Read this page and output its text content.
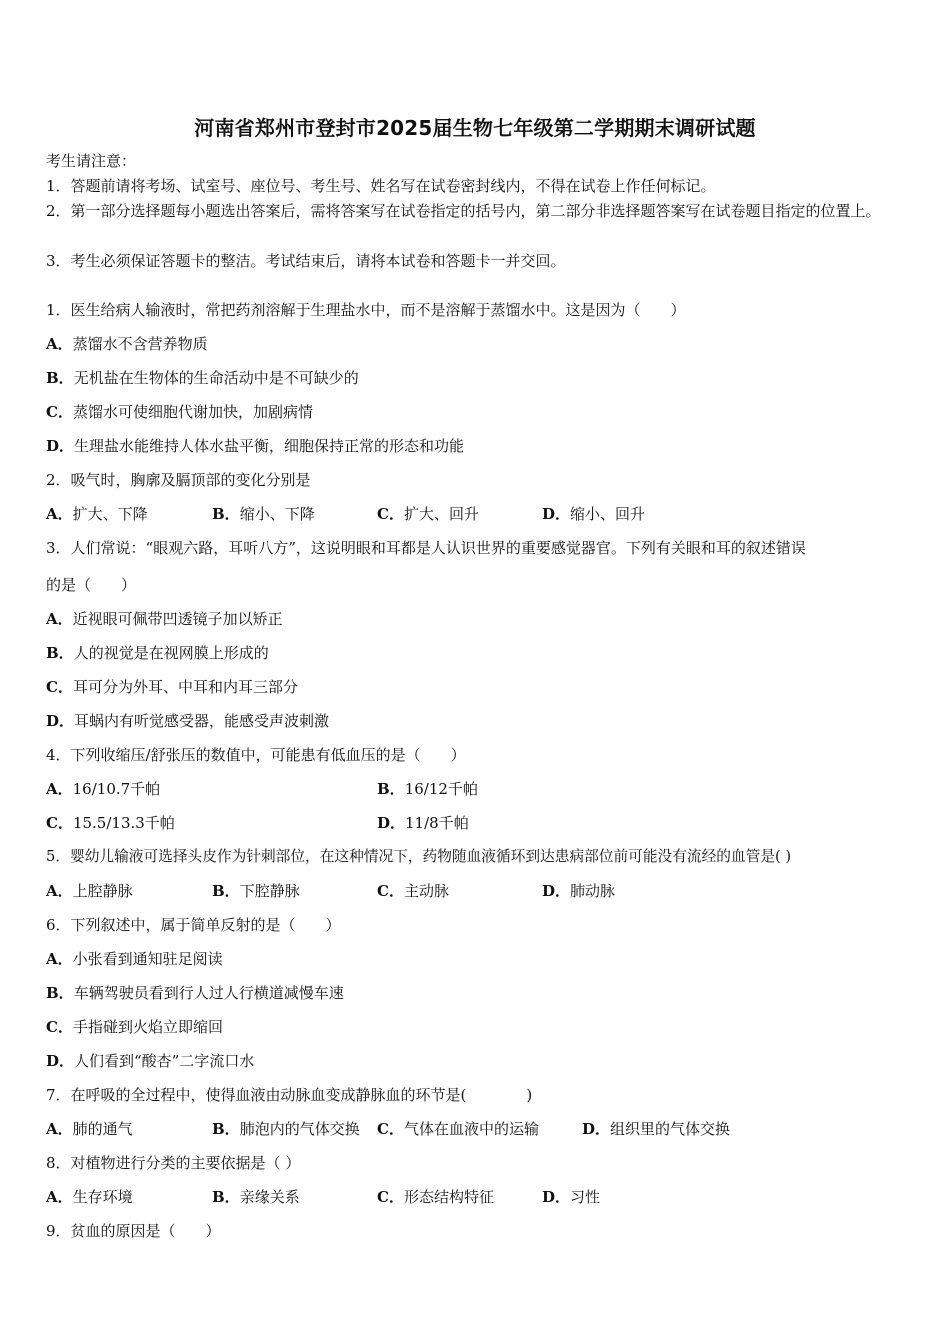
河南省郑州市登封市2025届生物七年级第二学期期末调研试题
考生请注意：
1．答题前请将考场、试室号、座位号、考生号、姓名写在试卷密封线内，不得在试卷上作任何标记。
2．第一部分选择题每小题选出答案后，需将答案写在试卷指定的括号内，第二部分非选择题答案写在试卷题目指定的位置上。
3．考生必须保证答题卡的整洁。考试结束后，请将本试卷和答题卡一并交回。
1．医生给病人输液时，常把药剂溶解于生理盐水中，而不是溶解于蒸馏水中。这是因为（　　）
A．蒸馏水不含营养物质
B．无机盐在生物体的生命活动中是不可缺少的
C．蒸馏水可使细胞代谢加快，加剧病情
D．生理盐水能维持人体水盐平衡，细胞保持正常的形态和功能
2．吸气时，胸廓及膈顶部的变化分别是
A．扩大、下降	B．缩小、下降	C．扩大、回升	D．缩小、回升
3．人们常说：“眼观六路，耳听八方”，这说明眼和耳都是人认识世界的重要感觉器官。下列有关眼和耳的叙述错误
的是（　　）
A．近视眼可佩带凹透镜子加以矫正
B．人的视觉是在视网膜上形成的
C．耳可分为外耳、中耳和内耳三部分
D．耳蜗内有听觉感受器，能感受声波刺激
4．下列收缩压/舒张压的数值中，可能患有低血压的是（　　）
A．16/10.7千帕	B．16/12千帕
C．15.5/13.3千帕	D．11/8千帕
5．婴幼儿输液可选择头皮作为针刺部位，在这种情况下，药物随血液循环到达患病部位前可能没有流经的血管是( )
A．上腔静脉	B．下腔静脉	C．主动脉	D．肺动脉
6．下列叙述中，属于简单反射的是（　　）
A．小张看到通知驻足阅读
B．车辆驾驶员看到行人过人行横道减慢车速
C．手指碰到火焰立即缩回
D．人们看到“酸杏”二字流口水
7．在呼吸的全过程中，使得血液由动脉血变成静脉血的环节是(　　　　)
A．肺的通气	B．肺泡内的气体交换 C．气体在血液中的运输	D．组织里的气体交换
8．对植物进行分类的主要依据是（ ）
A．生存环境	B．亲缘关系	C．形态结构特征	D．习性
9．贫血的原因是（　　）
